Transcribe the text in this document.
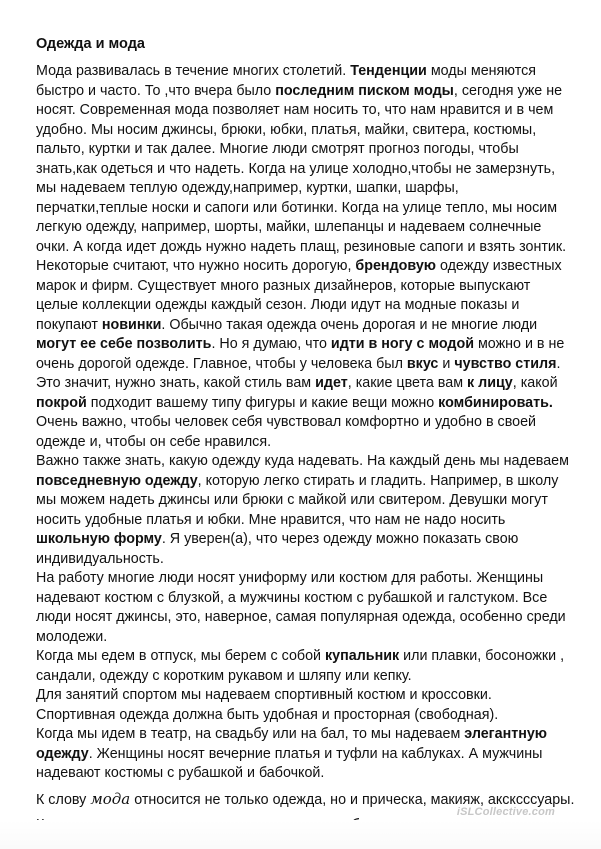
Одежда и мода
Мода развивалась в течение многих столетий. Тенденции моды меняются
быстро и часто. То ,что вчера было последним писком моды, сегодня уже не
носят. Современная мода позволяет нам носить то, что нам нравится и в чем
удобно. Мы носим джинсы, брюки, юбки, платья, майки, свитера, костюмы,
пальто, куртки и так далее. Многие люди смотрят прогноз погоды, чтобы
знать,как одеться и что надеть. Когда на улице холодно,чтобы не замерзнуть,
мы надеваем теплую одежду,например, куртки, шапки, шарфы,
перчатки,теплые носки и сапоги или ботинки. Когда на улице тепло, мы носим
легкую одежду, например, шорты, майки, шлепанцы и надеваем солнечные
очки. А когда идет дождь нужно надеть плащ, резиновые сапоги и взять зонтик.
Некоторые считают, что нужно носить дорогую, брендовую одежду известных
марок и фирм. Существует много разных дизайнеров, которые выпускают
целые коллекции одежды каждый сезон. Люди идут на модные показы и
покупают новинки. Обычно такая одежда очень дорогая и не многие люди
могут ее себе позволить. Но я думаю, что идти в ногу с модой можно и в не
очень дорогой одежде. Главное, чтобы у человека был вкус и чувство стиля.
Это значит, нужно знать, какой стиль вам идет, какие цвета вам к лицу, какой
покрой подходит вашему типу фигуры и какие вещи можно комбинировать.
Очень важно, чтобы человек себя чувствовал комфортно и удобно в своей
одежде и, чтобы он себе нравился.
Важно также знать, какую одежду куда надевать. На каждый день мы надеваем
повседневную одежду, которую легко стирать и гладить. Например, в школу
мы можем надеть джинсы или брюки с майкой или свитером. Девушки могут
носить удобные платья и юбки. Мне нравится, что нам не надо носить
школьную форму. Я уверен(а), что через одежду можно показать свою
индивидуальность.
На работу многие люди носят униформу или костюм для работы. Женщины
надевают костюм с блузкой, а мужчины костюм с рубашкой и галстуком. Все
люди носят джинсы, это, наверное, самая популярная одежда, особенно среди
молодежи.
Когда мы едем в отпуск, мы берем с собой купальник или плавки, босоножки ,
сандали, одежду с коротким рукавом и шляпу или кепку.
Для занятий спортом мы надеваем спортивный костюм и кроссовки.
Спортивная одежда должна быть удобная и просторная (свободная).
Когда мы идем в театр, на свадьбу или на бал, то мы надеваем элегантную
одежду. Женщины носят вечерние платья и туфли на каблуках. А мужчины
надевают костюмы с рубашкой и бабочкой.
К слову мода относится не только одежда, но и прическа, макияж, аксксссуары.
iSLCollective.com
